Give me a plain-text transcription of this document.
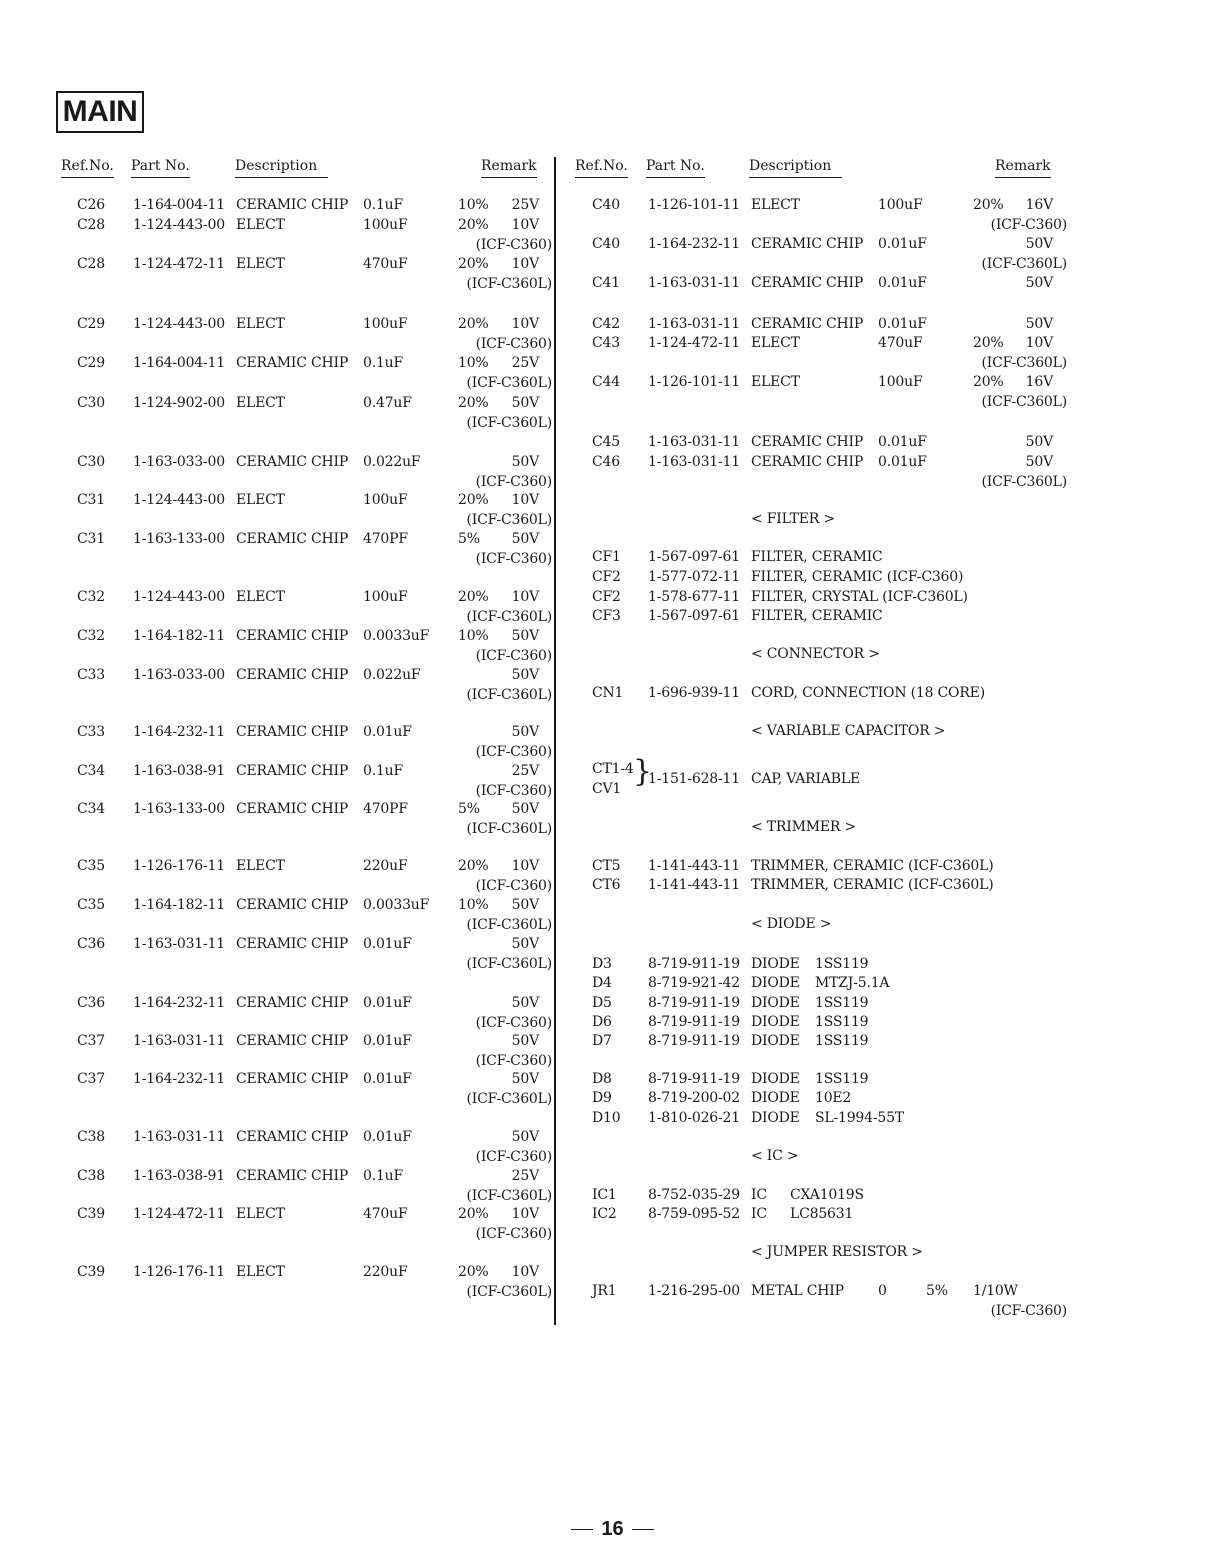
MAIN
Ref.No. Part No.	Description	Remark	Ref.No. Part No.	Description	Remark
C26 1-164-004-11 CERAMIC CHIP 0.1uF	10%	25V
C28 1-124-443-00 ELECT	100uF	20%	10V
(ICF-C360)
C28 1-124-472-11 ELECT	470uF	20%	10V
(ICF-C360L)
C29 1-124-443-00 ELECT	100uF	20%	10V
(ICF-C360)
C29 1-164-004-11 CERAMIC CHIP 0.1uF	10%	25V
(ICF-C360L)
C30 1-124-902-00 ELECT	0.47uF	20%	50V
(ICF-C360L)
C30 1-163-033-00 CERAMIC CHIP 0.022uF	50V
(ICF-C360)
C31 1-124-443-00 ELECT	100uF	20%	10V
(ICF-C360L)
C31 1-163-133-00 CERAMIC CHIP 470PF	5%	50V
(ICF-C360)
C32 1-124-443-00 ELECT	100uF	20%	10V
(ICF-C360L)
C32 1-164-182-11 CERAMIC CHIP 0.0033uF 10%	50V
(ICF-C360)
C33 1-163-033-00 CERAMIC CHIP 0.022uF	50V
(ICF-C360L)
C33 1-164-232-11 CERAMIC CHIP 0.01uF	50V
(ICF-C360)
C34 1-163-038-91 CERAMIC CHIP 0.1uF	25V
(ICF-C360)
C34 1-163-133-00 CERAMIC CHIP 470PF	5%	50V
(ICF-C360L)
C35 1-126-176-11 ELECT	220uF	20%	10V
(ICF-C360)
C35 1-164-182-11 CERAMIC CHIP 0.0033uF 10%	50V
(ICF-C360L)
C36 1-163-031-11 CERAMIC CHIP 0.01uF	50V
(ICF-C360L)
C36 1-164-232-11 CERAMIC CHIP 0.01uF	50V
(ICF-C360)
C37 1-163-031-11 CERAMIC CHIP 0.01uF	50V
(ICF-C360)
C37 1-164-232-11 CERAMIC CHIP 0.01uF	50V
(ICF-C360L)
C38 1-163-031-11 CERAMIC CHIP 0.01uF	50V
(ICF-C360)
C38 1-163-038-91 CERAMIC CHIP 0.1uF	25V
(ICF-C360L)
C39 1-124-472-11 ELECT	470uF	20%	10V
(ICF-C360)
C39 1-126-176-11 ELECT	220uF	20%	10V
(ICF-C360L)
C40 1-126-101-11 ELECT	100uF	20%	16V
(ICF-C360)
C40 1-164-232-11 CERAMIC CHIP 0.01uF	50V
(ICF-C360L)
C41 1-163-031-11 CERAMIC CHIP 0.01uF	50V
C42 1-163-031-11 CERAMIC CHIP 0.01uF	50V
C43 1-124-472-11 ELECT	470uF	20%	10V
(ICF-C360L)
C44 1-126-101-11 ELECT	100uF	20%	16V
(ICF-C360L)
C45 1-163-031-11 CERAMIC CHIP 0.01uF	50V
C46 1-163-031-11 CERAMIC CHIP 0.01uF	50V
(ICF-C360L)
< FILTER >
CF1 1-567-097-61 FILTER, CERAMIC
CF2 1-577-072-11 FILTER, CERAMIC (ICF-C360)
CF2 1-578-677-11 FILTER, CRYSTAL (ICF-C360L)
CF3 1-567-097-61 FILTER, CERAMIC
< CONNECTOR >
CN1 1-696-939-11 CORD, CONNECTION (18 CORE)
< VARIABLE CAPACITOR >
CT1-4
CV1 }
1-151-628-11 CAP, VARIABLE
< TRIMMER >
CT5 1-141-443-11 TRIMMER, CERAMIC (ICF-C360L)
CT6 1-141-443-11 TRIMMER, CERAMIC (ICF-C360L)
< DIODE >
D3	8-719-911-19 DIODE 1SS119
D4	8-719-921-42 DIODE MTZJ-5.1A
D5	8-719-911-19 DIODE 1SS119
D6	8-719-911-19 DIODE 1SS119
D7	8-719-911-19 DIODE 1SS119
D8	8-719-911-19 DIODE 1SS119
D9	8-719-200-02 DIODE 10E2
D10 1-810-026-21 DIODE SL-1994-55T
< IC >
IC1 8-752-035-29 IC CXA1019S
IC2 8-759-095-52 IC LC85631
< JUMPER RESISTOR >
JR1 1-216-295-00 METAL CHIP 0	5% 1/10W
(ICF-C360)
16
